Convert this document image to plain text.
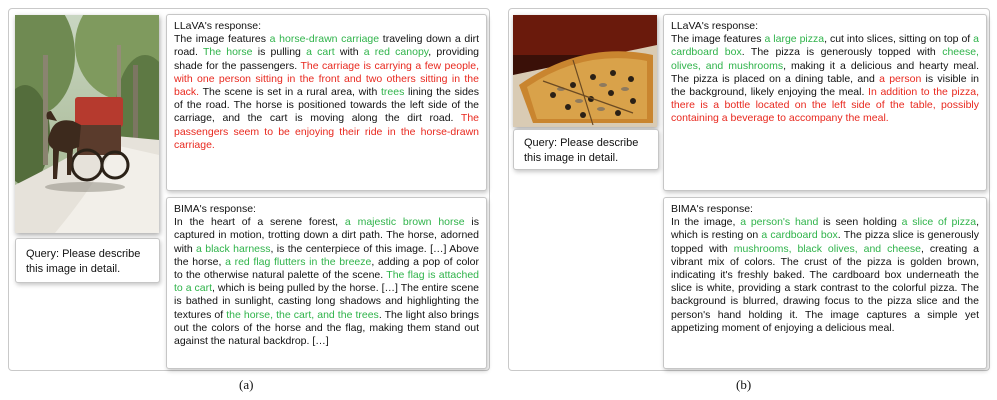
Query: Please describe this image in detail.
LLaVA's response:
The image features a horse-drawn carriage traveling down a dirt road. The horse is pulling a cart with a red canopy, providing shade for the passengers. The carriage is carrying a few people, with one person sitting in the front and two others sitting in the back. The scene is set in a rural area, with trees lining the sides of the road. The horse is positioned towards the left side of the carriage, and the cart is moving along the dirt road. The passengers seem to be enjoying their ride in the horse-drawn carriage.
BIMA's response:
In the heart of a serene forest, a majestic brown horse is captured in motion, trotting down a dirt path. The horse, adorned with a black harness, is the centerpiece of this image. […] Above the horse, a red flag flutters in the breeze, adding a pop of color to the otherwise natural palette of the scene. The flag is attached to a cart, which is being pulled by the horse. […] The entire scene is bathed in sunlight, casting long shadows and highlighting the textures of the horse, the cart, and the trees. The light also brings out the colors of the horse and the flag, making them stand out against the natural backdrop. […]
Query: Please describe this image in detail.
LLaVA's response:
The image features a large pizza, cut into slices, sitting on top of a cardboard box. The pizza is generously topped with cheese, olives, and mushrooms, making it a delicious and hearty meal. The pizza is placed on a dining table, and a person is visible in the background, likely enjoying the meal. In addition to the pizza, there is a bottle located on the left side of the table, possibly containing a beverage to accompany the meal.
BIMA's response:
In the image, a person's hand is seen holding a slice of pizza, which is resting on a cardboard box. The pizza slice is generously topped with mushrooms, black olives, and cheese, creating a vibrant mix of colors. The crust of the pizza is golden brown, indicating it's freshly baked. The cardboard box underneath the slice is white, providing a stark contrast to the colorful pizza. The background is blurred, drawing focus to the pizza slice and the person's hand holding it. The image captures a simple yet appetizing moment of enjoying a delicious meal.
(a)	(b)
